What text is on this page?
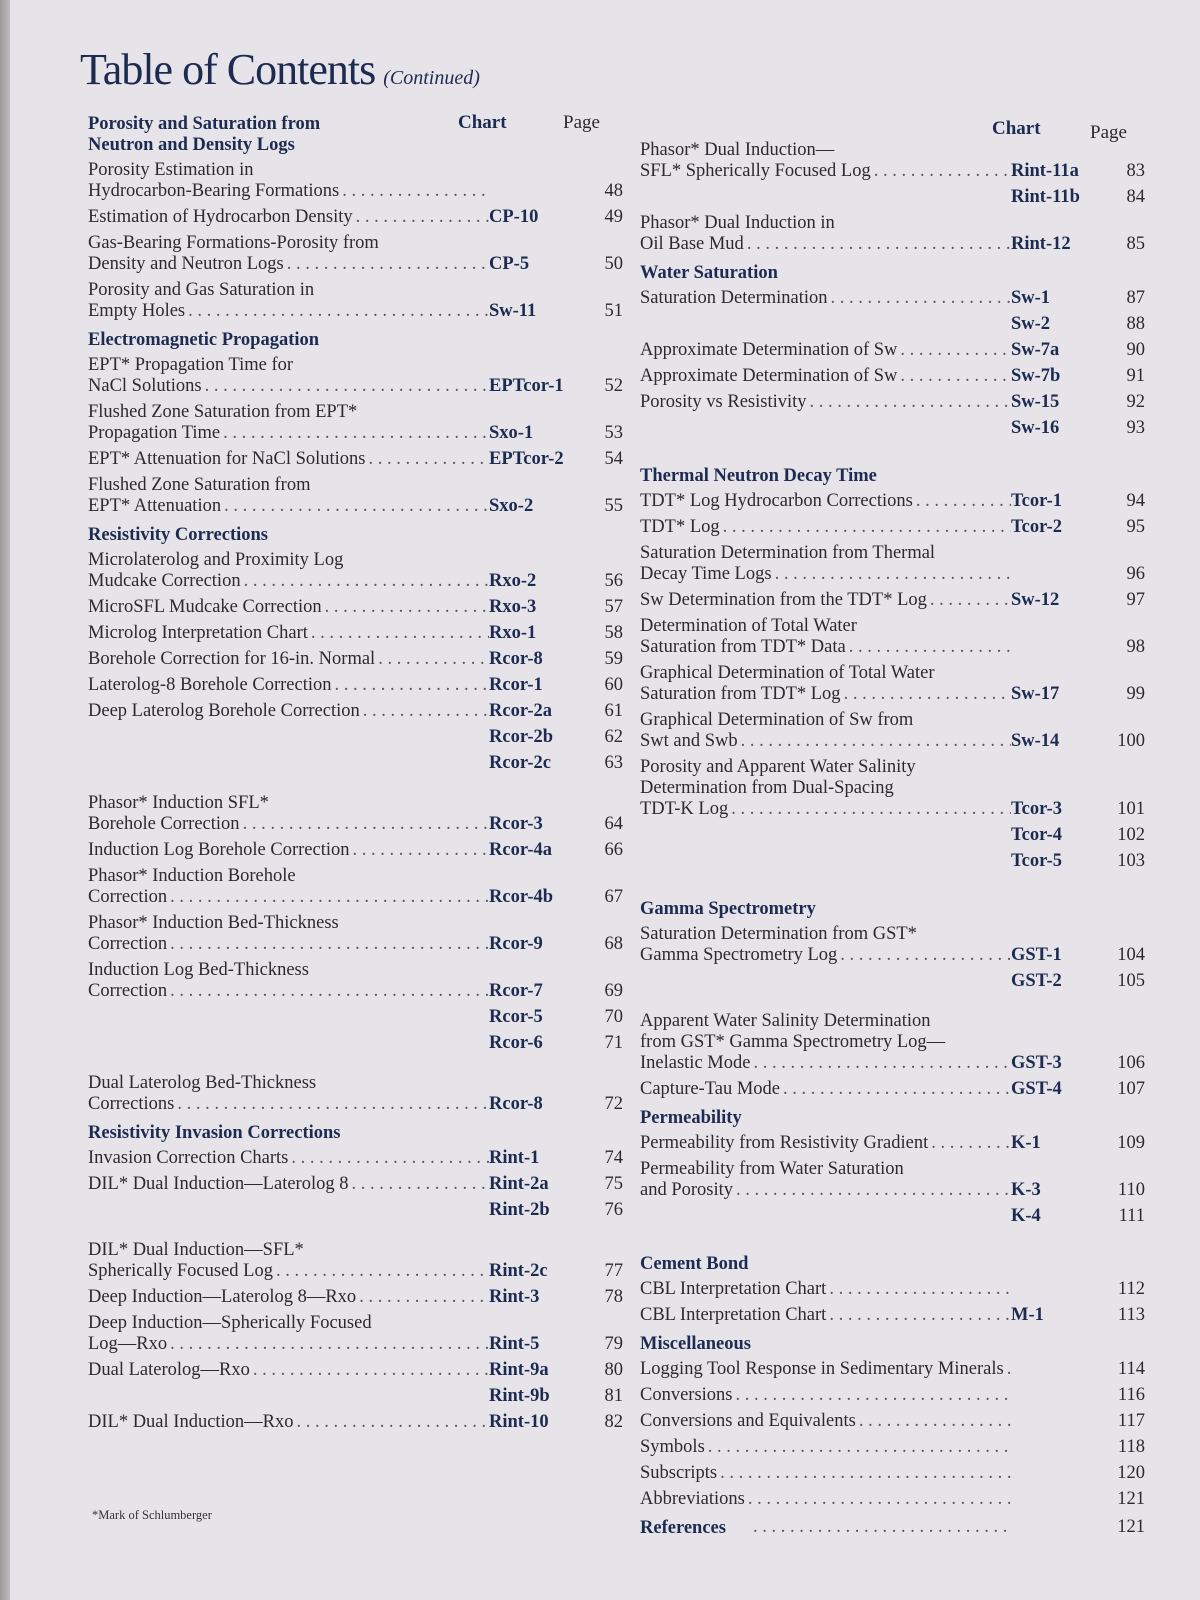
Table of Contents (Continued)
Chart	Page
Porosity and Saturation from Neutron and Density Logs
Porosity Estimation in
Hydrocarbon-Bearing Formations . . .	48
Estimation of Hydrocarbon Density . . .	CP-10	49
Gas-Bearing Formations-Porosity from
Density and Neutron Logs . . .	CP-5	50
Porosity and Gas Saturation in
Empty Holes . . .	Sw-11	51
Electromagnetic Propagation
EPT* Propagation Time for
NaCl Solutions . . .	EPTcor-1	52
Flushed Zone Saturation from EPT*
Propagation Time . . .	Sxo-1	53
EPT* Attenuation for NaCl Solutions . . .	EPTcor-2	54
Flushed Zone Saturation from
EPT* Attenuation . . .	Sxo-2	55
Resistivity Corrections
Microlaterolog and Proximity Log
Mudcake Correction . . .	Rxo-2	56
MicroSFL Mudcake Correction . . .	Rxo-3	57
Microlog Interpretation Chart . . .	Rxo-1	58
Borehole Correction for 16-in. Normal . . .	Rcor-8	59
Laterolog-8 Borehole Correction . . .	Rcor-1	60
Deep Laterolog Borehole Correction . . .	Rcor-2a	61
Rcor-2b	62
Rcor-2c	63
Phasor* Induction SFL*
Borehole Correction . . .	Rcor-3	64
Induction Log Borehole Correction . . .	Rcor-4a	66
Phasor* Induction Borehole
Correction . . .	Rcor-4b	67
Phasor* Induction Bed-Thickness
Correction . . .	Rcor-9	68
Induction Log Bed-Thickness
Correction . . .	Rcor-7	69
Rcor-5	70
Rcor-6	71
Dual Laterolog Bed-Thickness
Corrections . . .	Rcor-8	72
Resistivity Invasion Corrections
Invasion Correction Charts . . .	Rint-1	74
DIL* Dual Induction—Laterolog 8 . . .	Rint-2a	75
Rint-2b	76
DIL* Dual Induction—SFL*
Spherically Focused Log . . .	Rint-2c	77
Deep Induction—Laterolog 8—Rxo . . .	Rint-3	78
Deep Induction—Spherically Focused
Log—Rxo . . .	Rint-5	79
Dual Laterolog—Rxo . . .	Rint-9a	80
Rint-9b	81
DIL* Dual Induction—Rxo . . .	Rint-10	82
Chart	Page
Phasor* Dual Induction—
SFL* Spherically Focused Log . . .	Rint-11a	83
Rint-11b	84
Phasor* Dual Induction in
Oil Base Mud . . .	Rint-12	85
Water Saturation
Saturation Determination . . .	Sw-1	87
Sw-2	88
Approximate Determination of Sw . . .	Sw-7a	90
Approximate Determination of Sw . . .	Sw-7b	91
Porosity vs Resistivity . . .	Sw-15	92
Sw-16	93
Thermal Neutron Decay Time
TDT* Log Hydrocarbon Corrections . . .	Tcor-1	94
TDT* Log . . .	Tcor-2	95
Saturation Determination from Thermal
Decay Time Logs . . .	96
Sw Determination from the TDT* Log . . .	Sw-12	97
Determination of Total Water
Saturation from TDT* Data . . .	98
Graphical Determination of Total Water
Saturation from TDT* Log . . .	Sw-17	99
Graphical Determination of Sw from
Swt and Swb . . .	Sw-14	100
Porosity and Apparent Water Salinity
Determination from Dual-Spacing
TDT-K Log . . .	Tcor-3	101
Tcor-4	102
Tcor-5	103
Gamma Spectrometry
Saturation Determination from GST*
Gamma Spectrometry Log . . .	GST-1	104
GST-2	105
Apparent Water Salinity Determination
from GST* Gamma Spectrometry Log—
Inelastic Mode . . .	GST-3	106
Capture-Tau Mode . . .	GST-4	107
Permeability
Permeability from Resistivity Gradient . . .	K-1	109
Permeability from Water Saturation
and Porosity . . .	K-3	110
K-4	111
Cement Bond
CBL Interpretation Chart . . .	112
CBL Interpretation Chart . . .	M-1	113
Miscellaneous
Logging Tool Response in Sedimentary Minerals . . .	114
Conversions . . .	116
Conversions and Equivalents . . .	117
Symbols . . .	118
Subscripts . . .	120
Abbreviations . . .	121
References . . .	121
*Mark of Schlumberger
